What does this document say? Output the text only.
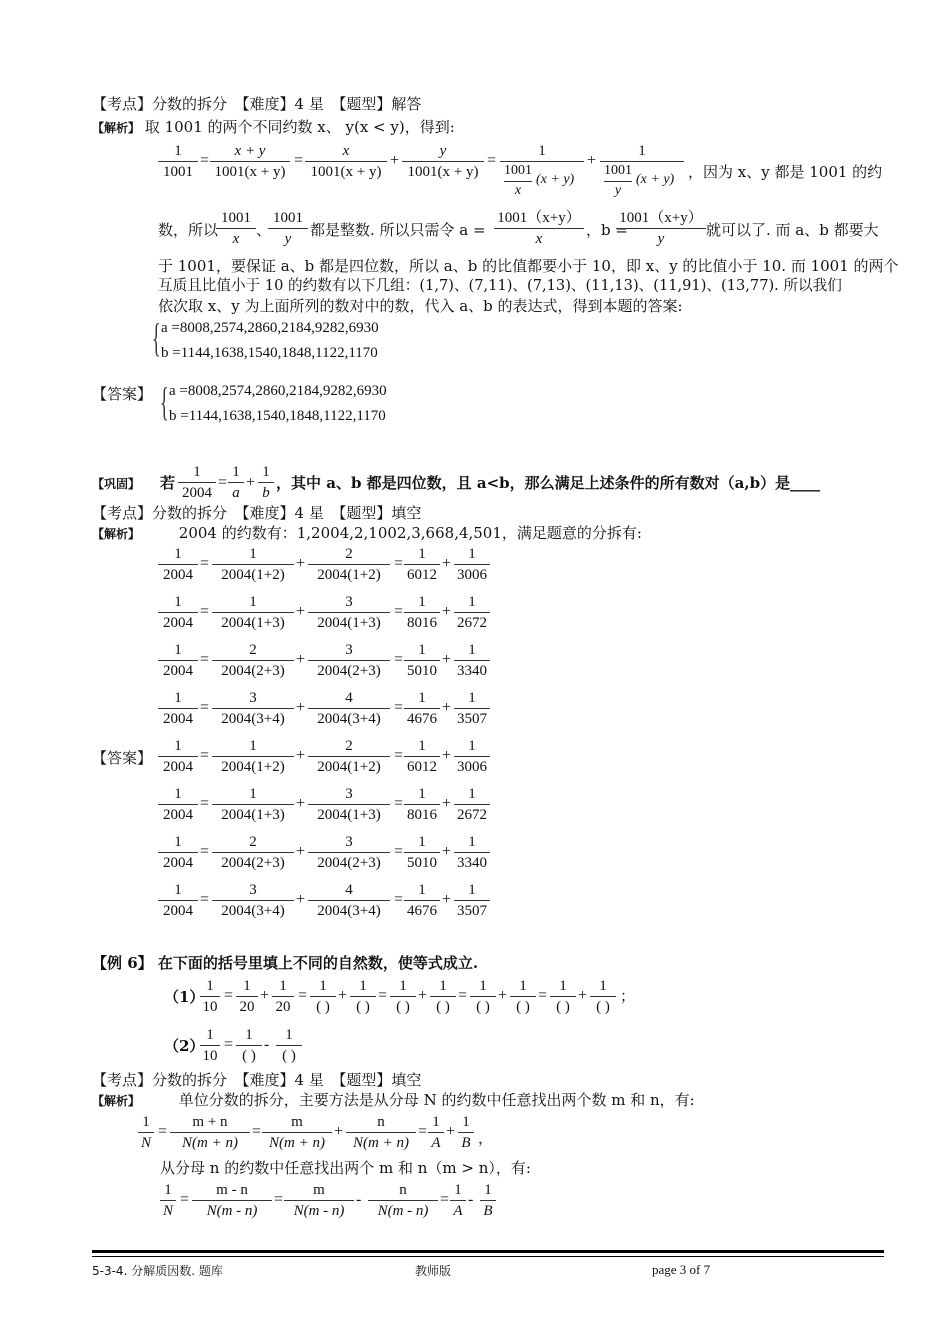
【考点】分数的拆分　【难度】4 星　【题型】解答
【解析】 取 1001 的两个不同约数 x、 y(x < y)，得到:
1
1001
=
x + y
1001(x + y)
=
x
1001(x + y)
+
y
1001(x + y)
=
1
1001
x
(x + y)
+
1
1001
y
(x + y) ，因为 x、y 都是 1001 的约
数，所以
1001
x	、
1001
y	都是整数. 所以只需令 a =
1001（x+y）
x	，b =
1001（x+y）
y	就可以了. 而 a、b 都要大
于 1001，要保证 a、b 都是四位数，所以 a、b 的比值都要小于 10，即 x、y 的比值小于 10. 而 1001 的两个
互质且比值小于 10 的约数有以下几组：(1,7)、(7,11)、(7,13)、(11,13)、(11,91)、(13,77). 所以我们
依次取 x、y 为上面所列的数对中的数，代入 a、b 的表达式，得到本题的答案:
{ a =8008,2574,2860,2184,9282,6930
b =1144,1638,1540,1848,1122,1170
【答案】 { a =8008,2574,2860,2184,9282,6930
b =1144,1638,1540,1848,1122,1170
【巩固】 若
1
2004
=
1
a
+
1
b
，其中 a、b 都是四位数，且 a<b，那么满足上述条件的所有数对（a,b）是____
【考点】分数的拆分　【难度】4 星　【题型】填空
【解析】	2004 的约数有：1,2004,2,1002,3,668,4,501，满足题意的分拆有:
$\frac{1}{2004} = \frac{1}{2004(1+2)} + \frac{2}{2004(1+2)} = \frac{1}{6012} + \frac{1}{3006}$
$\frac{1}{2004} = \frac{1}{2004(1+3)} + \frac{3}{2004(1+3)} = \frac{1}{8016} + \frac{1}{2672}$
$\frac{1}{2004} = \frac{2}{2004(2+3)} + \frac{3}{2004(2+3)} = \frac{1}{5010} + \frac{1}{3340}$
$\frac{1}{2004} = \frac{3}{2004(3+4)} + \frac{4}{2004(3+4)} = \frac{1}{4676} + \frac{1}{3507}$
【答案】 $\frac{1}{2004} = \frac{1}{2004(1+2)} + \frac{2}{2004(1+2)} = \frac{1}{6012} + \frac{1}{3006}$
$\frac{1}{2004} = \frac{1}{2004(1+3)} + \frac{3}{2004(1+3)} = \frac{1}{8016} + \frac{1}{2672}$
$\frac{1}{2004} = \frac{2}{2004(2+3)} + \frac{3}{2004(2+3)} = \frac{1}{5010} + \frac{1}{3340}$
$\frac{1}{2004} = \frac{3}{2004(3+4)} + \frac{4}{2004(3+4)} = \frac{1}{4676} + \frac{1}{3507}$
【例 6】 在下面的括号里填上不同的自然数，使等式成立.
（1）
$\frac{1}{10} = \frac{1}{20} + \frac{1}{20}$ =
1
( )
+
1
( )
=
1
( )
+
1
( )
=
1
( )
+
1
( )
=
1
( )
+
1
( )
；
（2）
$\frac{1}{10}$ =
1
( )
-
1
( )
【考点】分数的拆分　【难度】4 星　【题型】填空
【解析】	单位分数的拆分，主要方法是从分母 N 的约数中任意找出两个数 m 和 n，有:
$\frac{1}{N} = \frac{m + n}{N(m + n)} = \frac{m}{N(m + n)} + \frac{n}{N(m + n)} = \frac{1}{A} + \frac{1}{B}$ ，
从分母 n 的约数中任意找出两个 m 和 n（m > n），有:
$\frac{1}{N} = \frac{m - n}{N(m - n)} = \frac{m}{N(m - n)} - \frac{n}{N(m - n)} = \frac{1}{A} - \frac{1}{B}$
5-3-4. 分解质因数. 题库	教师版	page 3 of 7
